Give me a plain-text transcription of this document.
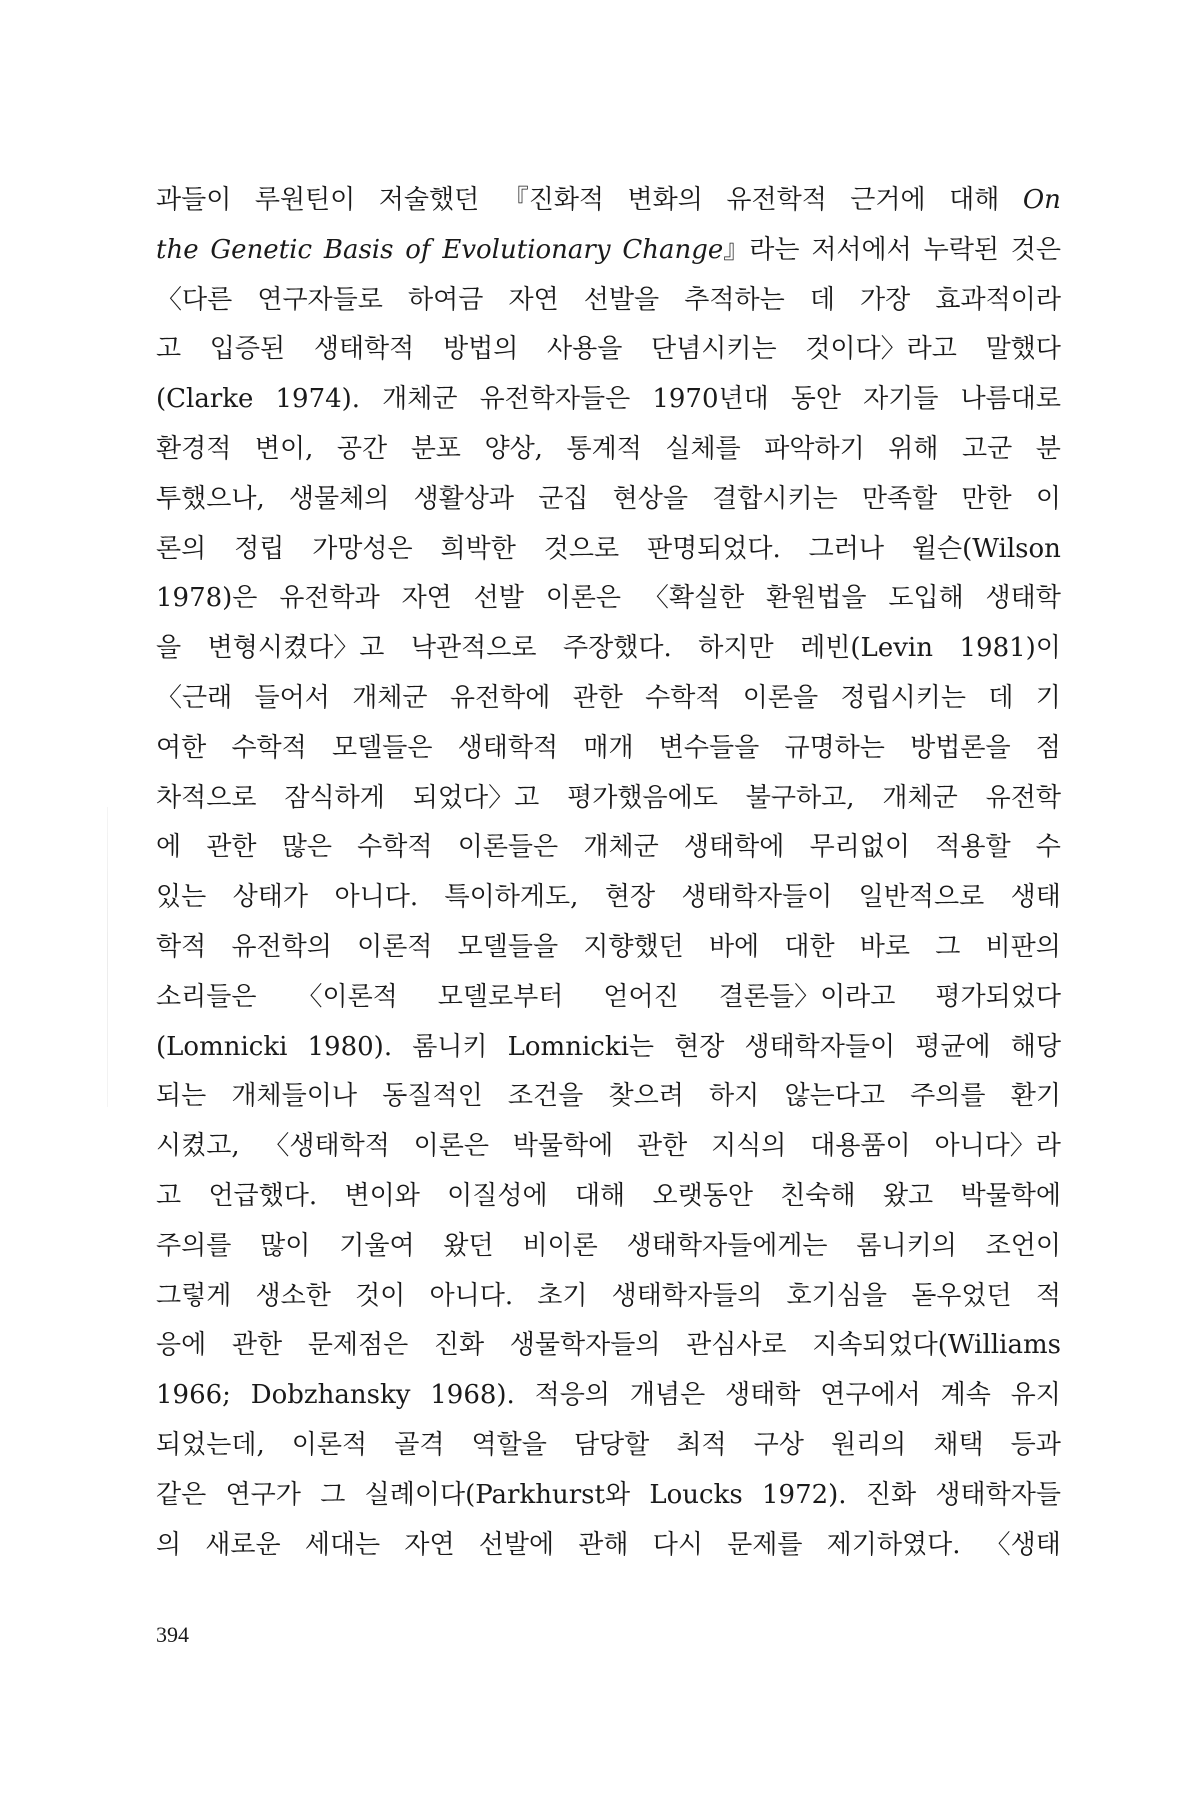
과들이 루원틴이 저술했던 『진화적 변화의 유전학적 근거에 대해 On
the Genetic Basis of Evolutionary Change』라는 저서에서 누락된 것은
〈다른 연구자들로 하여금 자연 선발을 추적하는 데 가장 효과적이라
고 입증된 생태학적 방법의 사용을 단념시키는 것이다〉라고 말했다
(Clarke 1974). 개체군 유전학자들은 1970년대 동안 자기들 나름대로
환경적 변이, 공간 분포 양상, 통계적 실체를 파악하기 위해 고군 분
투했으나, 생물체의 생활상과 군집 현상을 결합시키는 만족할 만한 이
론의 정립 가망성은 희박한 것으로 판명되었다. 그러나 윌슨(Wilson
1978)은 유전학과 자연 선발 이론은 〈확실한 환원법을 도입해 생태학
을 변형시켰다〉고 낙관적으로 주장했다. 하지만 레빈(Levin 1981)이
〈근래 들어서 개체군 유전학에 관한 수학적 이론을 정립시키는 데 기
여한 수학적 모델들은 생태학적 매개 변수들을 규명하는 방법론을 점
차적으로 잠식하게 되었다〉고 평가했음에도 불구하고, 개체군 유전학
에 관한 많은 수학적 이론들은 개체군 생태학에 무리없이 적용할 수
있는 상태가 아니다. 특이하게도, 현장 생태학자들이 일반적으로 생태
학적 유전학의 이론적 모델들을 지향했던 바에 대한 바로 그 비판의
소리들은 〈이론적 모델로부터 얻어진 결론들〉이라고 평가되었다
(Lomnicki 1980). 롬니키 Lomnicki는 현장 생태학자들이 평균에 해당
되는 개체들이나 동질적인 조건을 찾으려 하지 않는다고 주의를 환기
시켰고, 〈생태학적 이론은 박물학에 관한 지식의 대용품이 아니다〉라
고 언급했다. 변이와 이질성에 대해 오랫동안 친숙해 왔고 박물학에
주의를 많이 기울여 왔던 비이론 생태학자들에게는 롬니키의 조언이
그렇게 생소한 것이 아니다. 초기 생태학자들의 호기심을 돋우었던 적
응에 관한 문제점은 진화 생물학자들의 관심사로 지속되었다(Williams
1966; Dobzhansky 1968). 적응의 개념은 생태학 연구에서 계속 유지
되었는데, 이론적 골격 역할을 담당할 최적 구상 원리의 채택 등과
같은 연구가 그 실례이다(Parkhurst와 Loucks 1972). 진화 생태학자들
의 새로운 세대는 자연 선발에 관해 다시 문제를 제기하였다. 〈생태
394
